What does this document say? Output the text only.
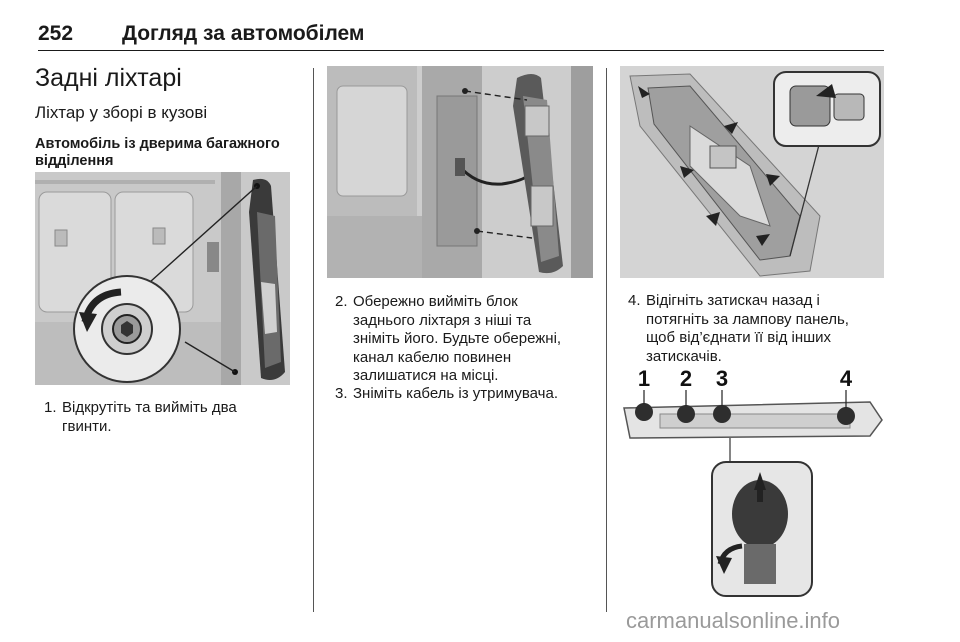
252 Догляд за автомобілем
Задні ліхтарі
Ліхтар у зборі в кузові
Автомобіль із дверима багажного відділення
1. Відкрутіть та вийміть два
гвинти.
2. Обережно вийміть блок
заднього ліхтаря з ніші та
зніміть його. Будьте обережні,
канал кабелю повинен
залишатися на місці.
3. Зніміть кабель із утримувача.
4. Відігніть затискач назад і
потягніть за лампову панель,
щоб від’єднати її від інших
затискачів.
1 2 3	4
carmanualsonline.info
